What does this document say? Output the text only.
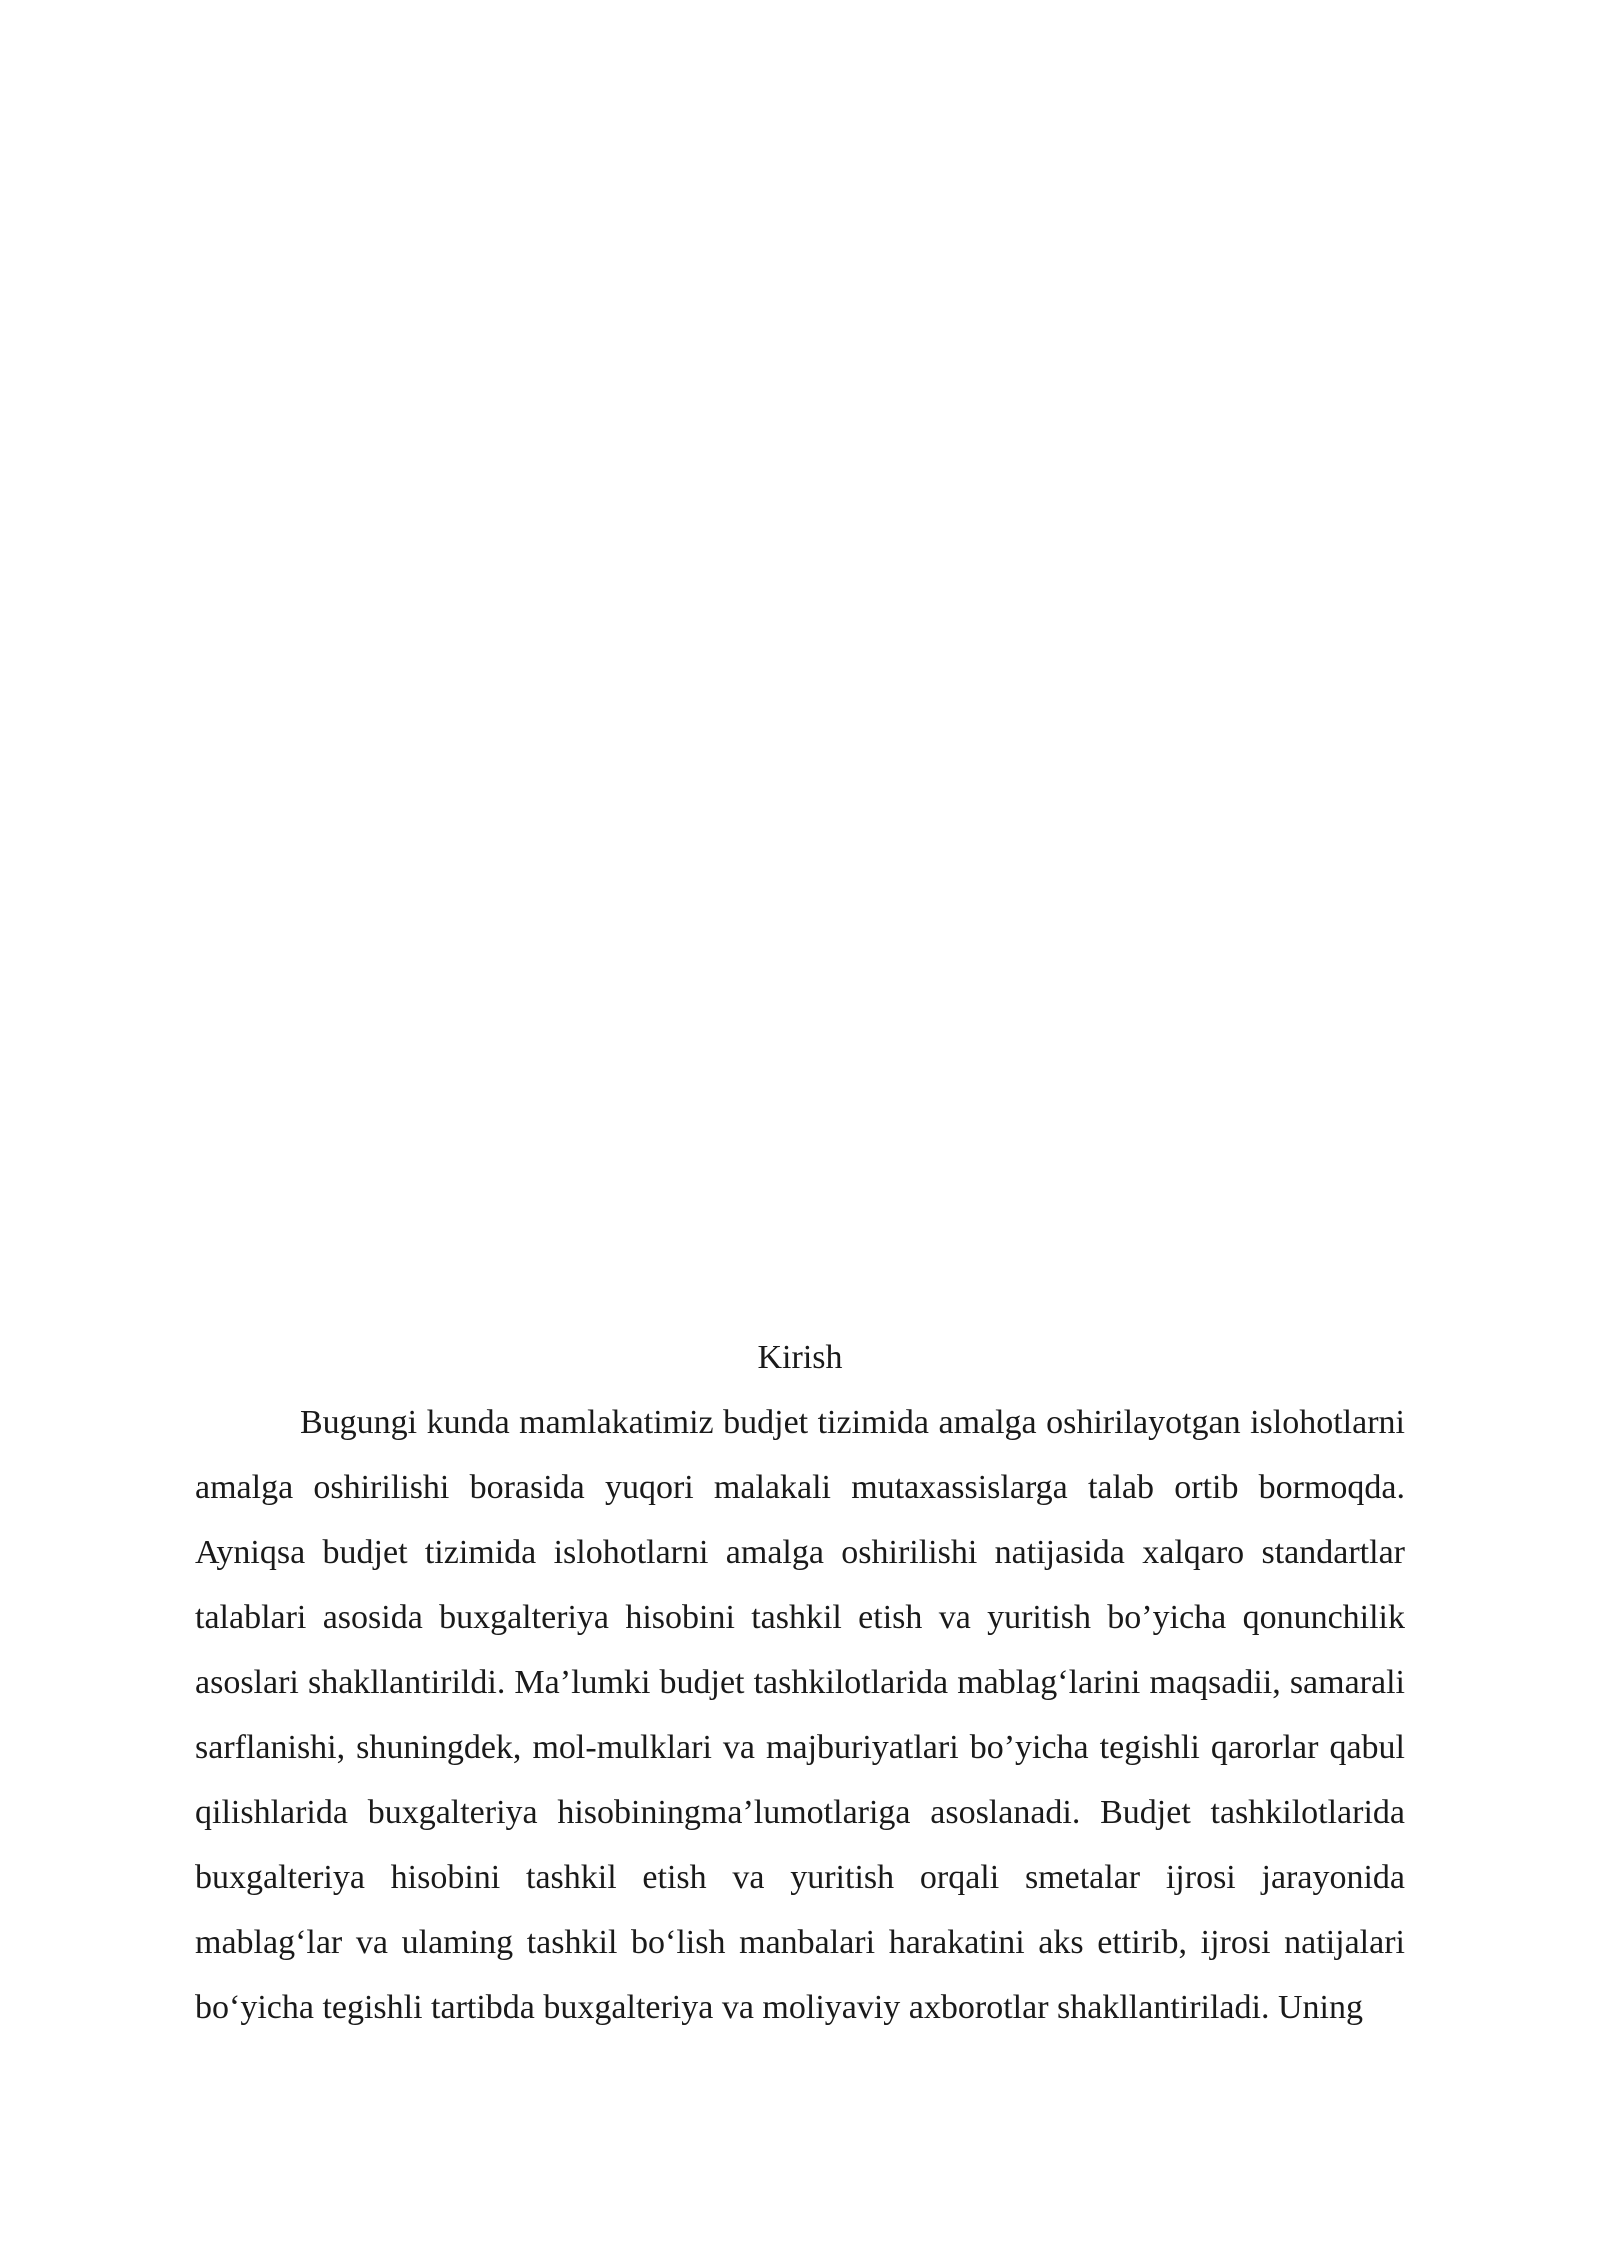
Kirish

Bugungi kunda mamlakatimiz budjet tizimida amalga oshirilayotgan islohotlarni amalga oshirilishi borasida yuqori malakali mutaxassislarga talab ortib bormoqda. Ayniqsa budjet tizimida islohotlarni amalga oshirilishi natijasida xalqaro standartlar talablari asosida buxgalteriya hisobini tashkil etish va yuritish bo’yicha qonunchilik asoslari shakllantirildi. Ma’lumki budjet tashkilotlarida mablag‘larini maqsadii, samarali sarflanishi, shuningdek, mol-mulklari va majburiyatlari bo’yicha tegishli qarorlar qabul qilishlarida buxgalteriya hisobiningma’lumotlariga asoslanadi. Budjet tashkilotlarida buxgalteriya hisobini tashkil etish va yuritish orqali smetalar ijrosi jarayonida mablag‘lar va ulaming tashkil bo‘lish manbalari harakatini aks ettirib, ijrosi natijalari bo‘yicha tegishli tartibda buxgalteriya va moliyaviy axborotlar shakllantiriladi. Uning
